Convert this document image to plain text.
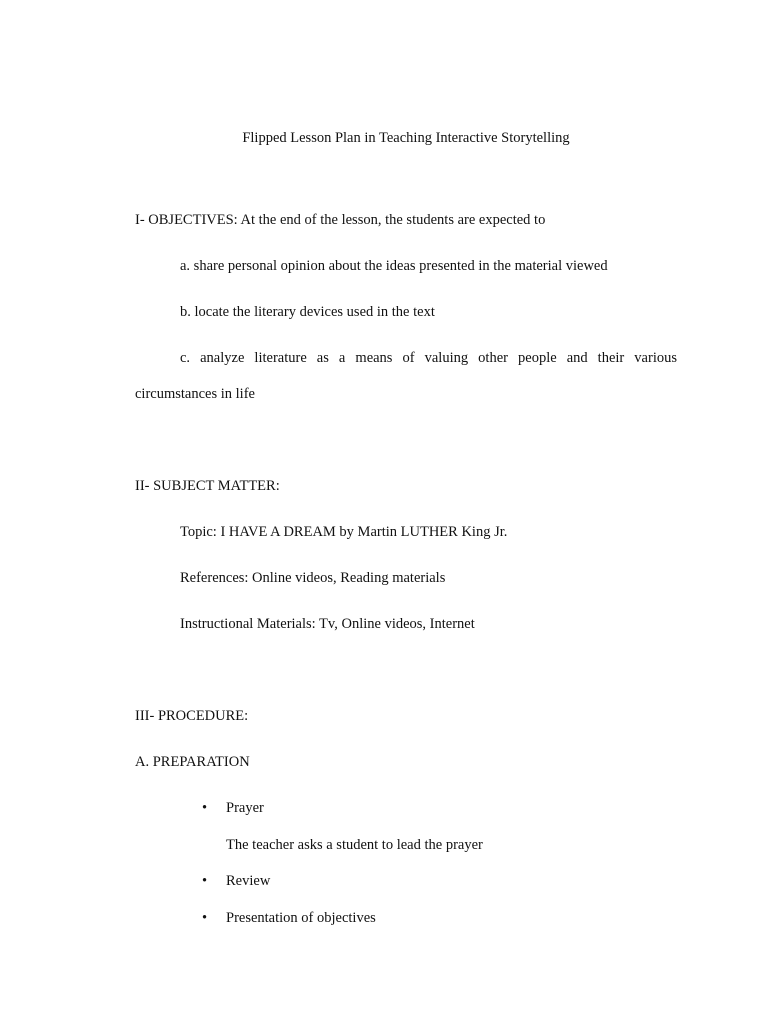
Flipped Lesson Plan in Teaching Interactive Storytelling
I- OBJECTIVES: At the end of the lesson, the students are expected to
a. share personal opinion about the ideas presented in the material viewed
b. locate the literary devices used in the text
c. analyze literature as a means of valuing other people and their various
circumstances in life
II- SUBJECT MATTER:
Topic: I HAVE A DREAM by Martin LUTHER King Jr.
References: Online videos, Reading materials
Instructional Materials: Tv, Online videos, Internet
III- PROCEDURE:
A. PREPARATION
• Prayer
The teacher asks a student to lead the prayer
• Review
• Presentation of objectives
